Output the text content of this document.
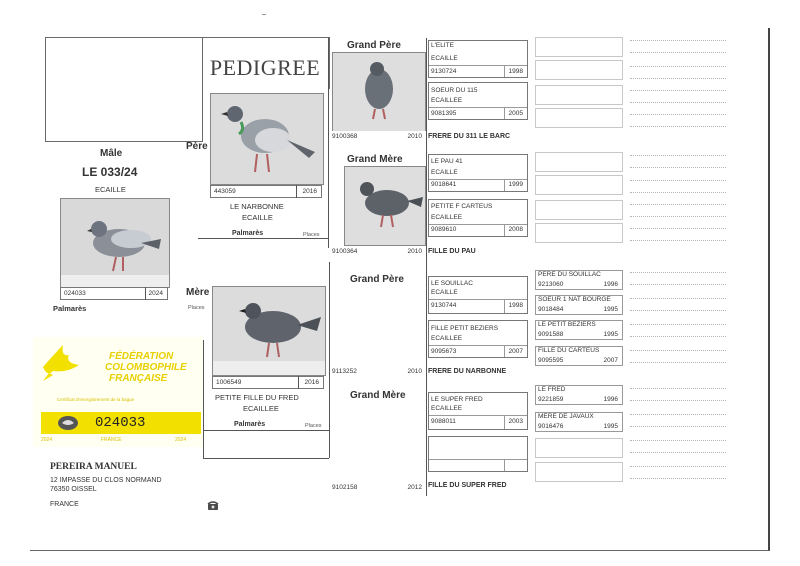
PEDIGREE
Mâle
LE 033/24
ECAILLE
024033	2024
Palmarès
Père
443059	2016
LE NARBONNE
ECAILLE
Palmarès	Places
Mère
Places
1006549	2016
PETITE FILLE DU FRED
ECAILLEE
Palmarès	Places
Grand Père
9100368	2010 FRERE DU 311 LE BARC
Grand Mère
9100364	2010 FILLE DU PAU
Grand Père
9113252	2010 FRERE DU NARBONNE
Grand Mère
9102158	2012 FILLE DU SUPER FRED
L'ELITE
ECAILLE
9130724	1998
SOEUR DU 115
ECAILLEE
9081395	2005
LE PAU 41
ECAILLE
9018641	1999
PETITE F CARTEUS
ECAILLEE
9089610	2008
LE SOUILLAC
ECAILLE
9130744	1998
FILLE PETIT BEZIERS
ECAILLEE
9095673	2007
LE SUPER FRED
ECAILLEE
9088011	2003
PERE DU SOUILLAC
9213060	1996
SOEUR 1 NAT BOURGE
9018484	1995
LE PETIT BEZIERS
9091588	1995
FILLE DU CARTEUS
9095595	2007
LE FRED
9221859	1996
MERE DE JAVAUX
9016476	1995
FÉDÉRATION
COLOMBOPHILE
FRANÇAISE
Certificat d'enregistrement de la bague
024033
2024	FRANCE	2024
PEREIRA MANUEL
12 IMPASSE DU CLOS NORMAND
76350 OISSEL
FRANCE
